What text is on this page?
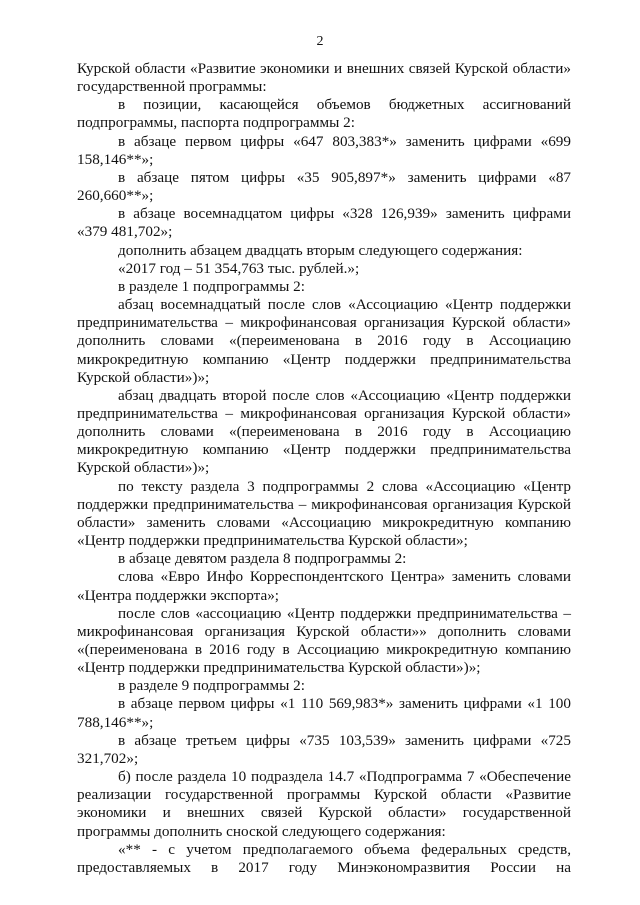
2

Курской области «Развитие экономики и внешних связей Курской области» государственной программы:

в позиции, касающейся объемов бюджетных ассигнований подпрограммы, паспорта подпрограммы 2:

в абзаце первом цифры «647 803,383*» заменить цифрами «699 158,146**»;

в абзаце пятом цифры «35 905,897*» заменить цифрами «87 260,660**»;

в абзаце восемнадцатом цифры «328 126,939» заменить цифрами «379 481,702»;

дополнить абзацем двадцать вторым следующего содержания:

«2017 год – 51 354,763 тыс. рублей.»;

в разделе 1 подпрограммы 2:

абзац восемнадцатый после слов «Ассоциацию «Центр поддержки предпринимательства – микрофинансовая организация Курской области» дополнить словами «(переименована в 2016 году в Ассоциацию микрокредитную компанию «Центр поддержки предпринимательства Курской области»)»;

абзац двадцать второй после слов «Ассоциацию «Центр поддержки предпринимательства – микрофинансовая организация Курской области» дополнить словами «(переименована в 2016 году в Ассоциацию микрокредитную компанию «Центр поддержки предпринимательства Курской области»)»;

по тексту раздела 3 подпрограммы 2 слова «Ассоциацию «Центр поддержки предпринимательства – микрофинансовая организация Курской области» заменить словами «Ассоциацию микрокредитную компанию «Центр поддержки предпринимательства Курской области»;

в абзаце девятом раздела 8 подпрограммы 2:

слова «Евро Инфо Корреспондентского Центра» заменить словами «Центра поддержки экспорта»;

после слов «ассоциацию «Центр поддержки предпринимательства – микрофинансовая организация Курской области»» дополнить словами «(переименована в 2016 году в Ассоциацию микрокредитную компанию «Центр поддержки предпринимательства Курской области»)»;

в разделе 9 подпрограммы 2:

в абзаце первом цифры «1 110 569,983*» заменить цифрами «1 100 788,146**»;

в абзаце третьем цифры «735 103,539» заменить цифрами «725 321,702»;

б) после раздела 10 подраздела 14.7 «Подпрограмма 7 «Обеспечение реализации государственной программы Курской области «Развитие экономики и внешних связей Курской области» государственной программы дополнить сноской следующего содержания:

«** - с учетом предполагаемого объема федеральных средств, предоставляемых в 2017 году Минэкономразвития России на
